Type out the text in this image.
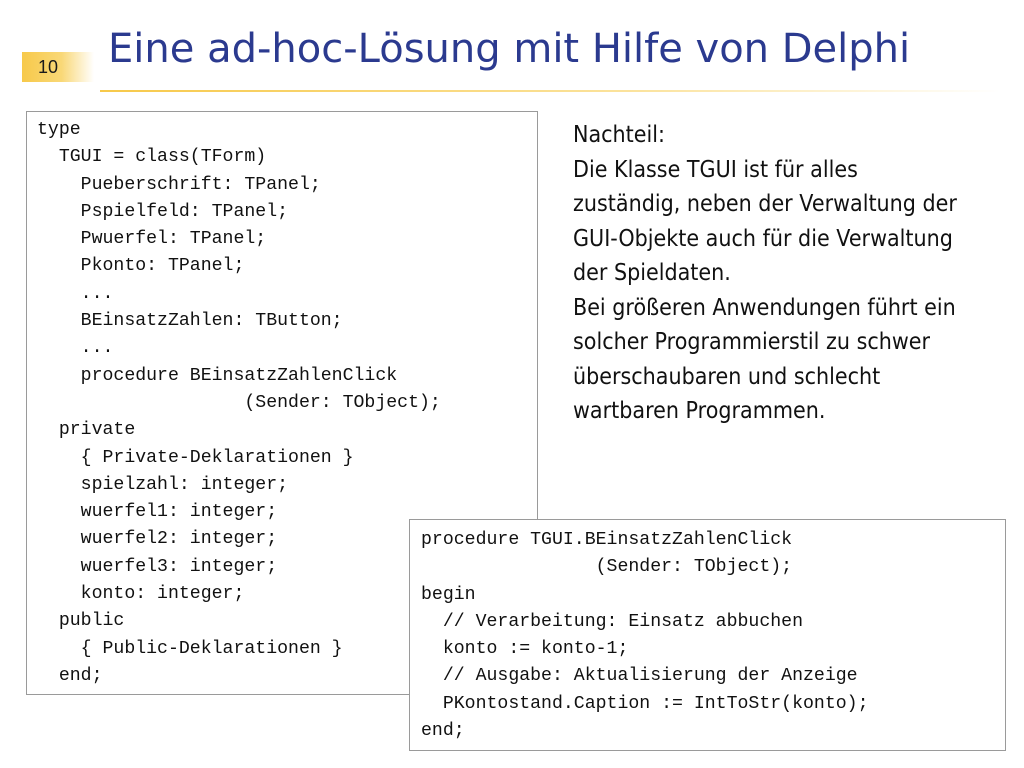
10 Eine ad-hoc-Lösung mit Hilfe von Delphi
type
TGUI = class(TForm)
Pueberschrift: TPanel;
Pspielfeld: TPanel;
Pwuerfel: TPanel;
Pkonto: TPanel;
...
BEinsatzZahlen: TButton;
...
procedure BEinsatzZahlenClick
(Sender: TObject);
private
{ Private-Deklarationen }
spielzahl: integer;
wuerfel1: integer;
wuerfel2: integer;
wuerfel3: integer;
konto: integer;
public
{ Public-Deklarationen }
end;

Nachteil:

Die Klasse TGUI ist für alles zuständig, neben der Verwaltung der GUI-Objekte auch für die Verwaltung der Spieldaten.

Bei größeren Anwendungen führt ein solcher Programmierstil zu schwer überschaubaren und schlecht wartbaren Programmen.

procedure TGUI.BEinsatzZahlenClick
(Sender: TObject);
begin
// Verarbeitung: Einsatz abbuchen
konto := konto-1;
// Ausgabe: Aktualisierung der Anzeige
PKontostand.Caption := IntToStr(konto);
end;
